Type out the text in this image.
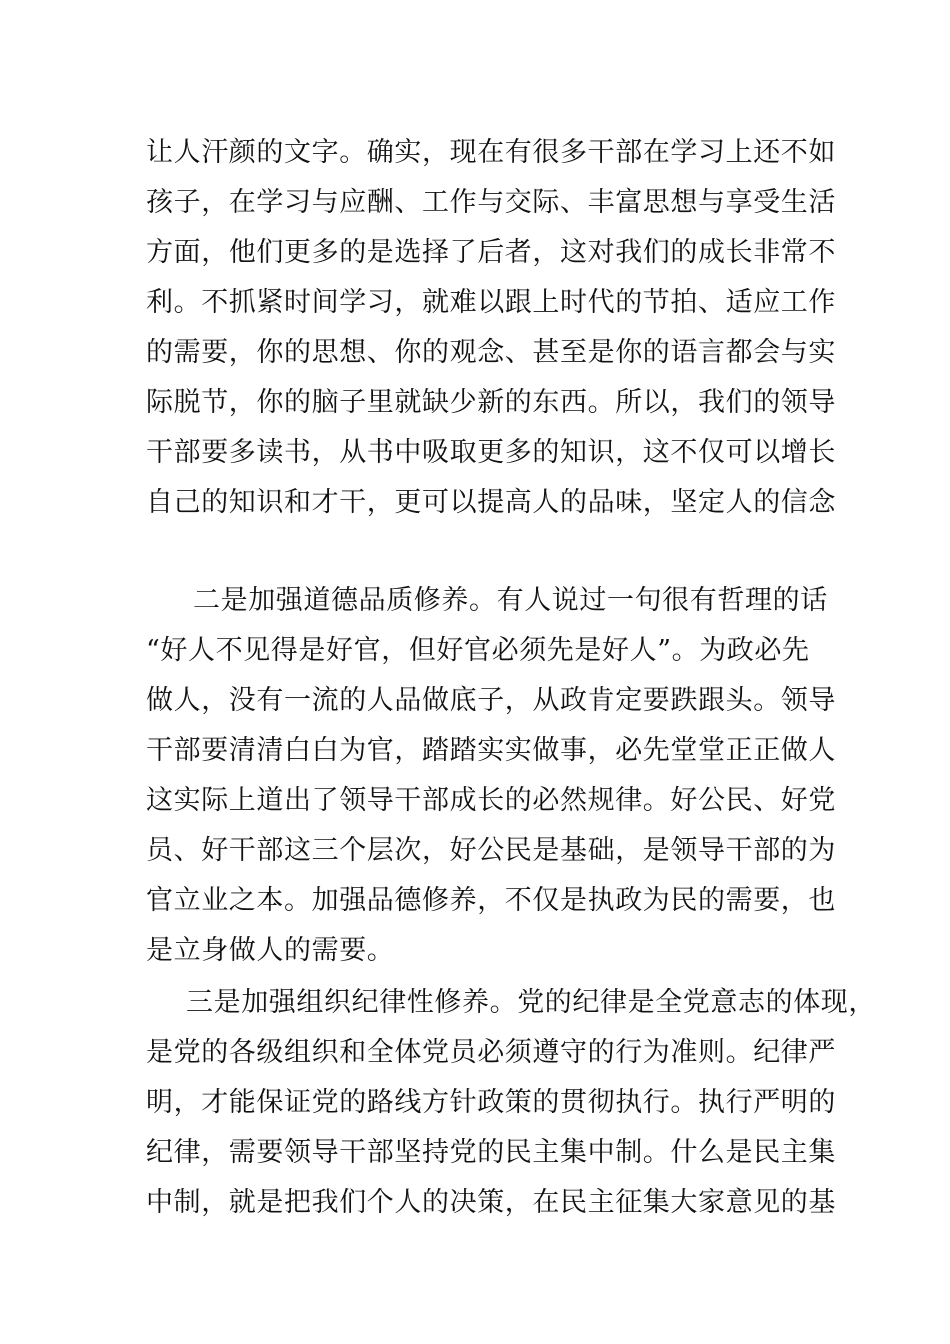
让人汗颜的文字。确实，现在有很多干部在学习上还不如
孩子，在学习与应酬、工作与交际、丰富思想与享受生活
方面，他们更多的是选择了后者，这对我们的成长非常不
利。不抓紧时间学习，就难以跟上时代的节拍、适应工作
的需要，你的思想、你的观念、甚至是你的语言都会与实
际脱节，你的脑子里就缺少新的东西。所以，我们的领导
干部要多读书，从书中吸取更多的知识，这不仅可以增长
自己的知识和才干，更可以提高人的品味，坚定人的信念
二是加强道德品质修养。有人说过一句很有哲理的话
“好人不见得是好官，但好官必须先是好人”。为政必先
做人，没有一流的人品做底子，从政肯定要跌跟头。领导
干部要清清白白为官，踏踏实实做事，必先堂堂正正做人
这实际上道出了领导干部成长的必然规律。好公民、好党
员、好干部这三个层次，好公民是基础，是领导干部的为
官立业之本。加强品德修养，不仅是执政为民的需要，也
是立身做人的需要。
三是加强组织纪律性修养。党的纪律是全党意志的体现，
是党的各级组织和全体党员必须遵守的行为准则。纪律严
明，才能保证党的路线方针政策的贯彻执行。执行严明的
纪律，需要领导干部坚持党的民主集中制。什么是民主集
中制，就是把我们个人的决策，在民主征集大家意见的基
